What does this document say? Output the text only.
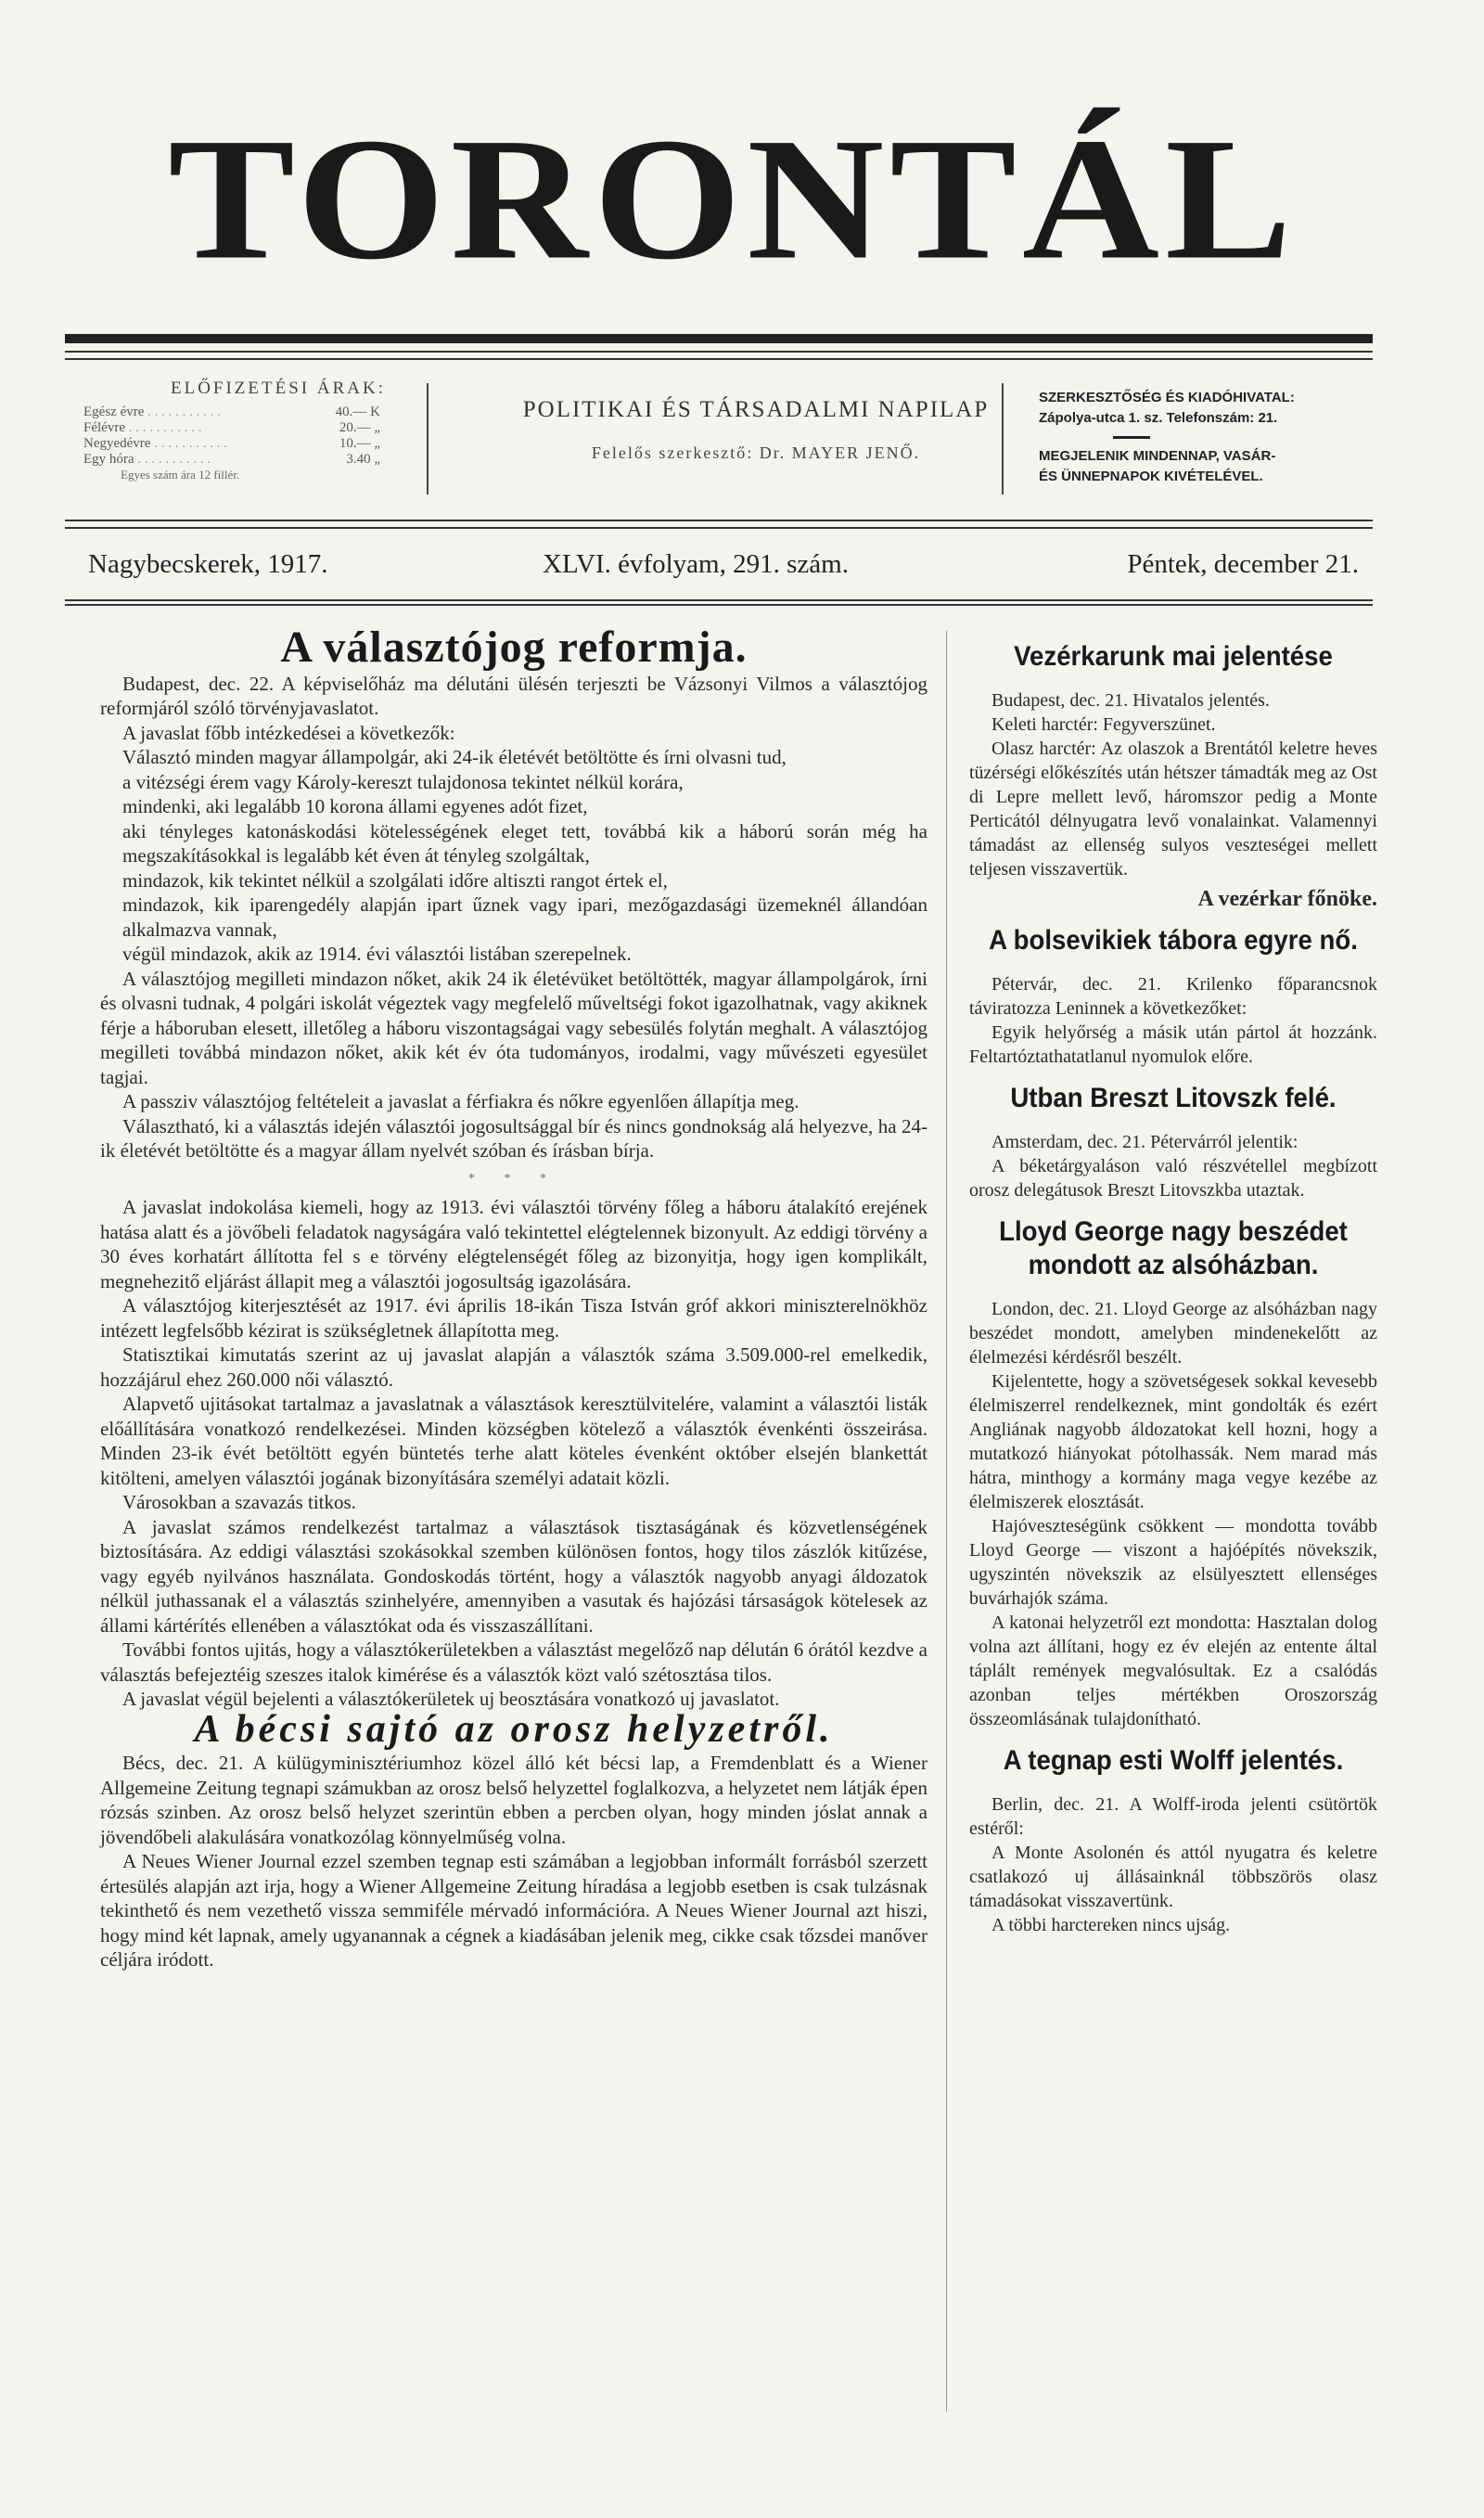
TORONTÁL
ELŐFIZETÉSI ÁRAK:
Egész évre . . .	40.— K
Félévre . . .	20.— „
Negyedévre . . .	10.— „
Egy hóra . . .	3.40 „
Egyes szám ára 12 fillér.
POLITIKAI ÉS TÁRSADALMI NAPILAP
Felelős szerkesztő: Dr. MAYER JENŐ.
SZERKESZTŐSÉG ÉS KIADÓHIVATAL:
Zápolya-utca 1. sz. Telefonszám: 21.
MEGJELENIK MINDENNAP, VASÁR-
ÉS ÜNNEPNAPOK KIVÉTELÉVEL.
Nagybecskerek, 1917.	XLVI. évfolyam, 291. szám.	Péntek, december 21.
A választójog reformja.

Budapest, dec. 22. A képviselőház ma délutáni ülésén terjeszti be Vázsonyi Vilmos a választójog reformjáról szóló törvényjavaslatot.

A javaslat főbb intézkedései a következők:

Választó minden magyar állampolgár, aki 24-ik életévét betöltötte és írni olvasni tud,

a vitézségi érem vagy Károly-kereszt tulajdonosa tekintet nélkül korára,

mindenki, aki legalább 10 korona állami egyenes adót fizet,

aki tényleges katonáskodási kötelességének eleget tett, továbbá kik a háború során még ha megszakításokkal is legalább két éven át tényleg szolgáltak,

mindazok, kik tekintet nélkül a szolgálati időre altiszti rangot értek el,

mindazok, kik iparengedély alapján ipart űznek vagy ipari, mezőgazdasági üzemeknél állandóan alkalmazva vannak,

végül mindazok, akik az 1914. évi választói listában szerepelnek.

A választójog megilleti mindazon nőket, akik 24 ik életévüket betöltötték, magyar állampolgárok, írni és olvasni tudnak, 4 polgári iskolát végeztek vagy megfelelő műveltségi fokot igazolhatnak, vagy akiknek férje a háboruban elesett, illetőleg a háboru viszontagságai vagy sebesülés folytán meghalt. A választójog megilleti továbbá mindazon nőket, akik két év óta tudományos, irodalmi, vagy művészeti egyesület tagjai.

A passziv választójog feltételeit a javaslat a férfiakra és nőkre egyenlően állapítja meg.

Választható, ki a választás idején választói jogosultsággal bír és nincs gondnokság alá helyezve, ha 24-ik életévét betöltötte és a magyar állam nyelvét szóban és írásban bírja.

* * *

A javaslat indokolása kiemeli, hogy az 1913. évi választói törvény főleg a háboru átalakító erejének hatása alatt és a jövőbeli feladatok nagyságára való tekintettel elégtelennek bizonyult. Az eddigi törvény a 30 éves korhatárt állította fel s e törvény elégtelenségét főleg az bizonyitja, hogy igen komplikált, megnehezitő eljárást állapit meg a választói jogosultság igazolására.

A választójog kiterjesztését az 1917. évi április 18-ikán Tisza István gróf akkori miniszterelnökhöz intézett legfelsőbb kézirat is szükségletnek állapította meg.

Statisztikai kimutatás szerint az uj javaslat alapján a választók száma 3.509.000-rel emelkedik, hozzájárul ehez 260.000 női választó.

Alapvető ujitásokat tartalmaz a javaslatnak a választások keresztülvitelére, valamint a választói listák előállítására vonatkozó rendelkezései. Minden községben kötelező a választók évenkénti összeirása. Minden 23-ik évét betöltött egyén büntetés terhe alatt köteles évenként október elsején blankettát kitölteni, amelyen választói jogának bizonyítására személyi adatait közli.

Városokban a szavazás titkos.

A javaslat számos rendelkezést tartalmaz a választások tisztaságának és közvetlenségének biztosítására. Az eddigi választási szokásokkal szemben különösen fontos, hogy tilos zászlók kitűzése, vagy egyéb nyilvános használata. Gondoskodás történt, hogy a választók nagyobb anyagi áldozatok nélkül juthassanak el a választás szinhelyére, amennyiben a vasutak és hajózási társaságok kötelesek az állami kártérítés ellenében a választókat oda és visszaszállítani.

További fontos ujitás, hogy a választókerületekben a választást megelőző nap délután 6 órától kezdve a választás befejeztéig szeszes italok kimérése és a választók közt való szétosztása tilos.

A javaslat végül bejelenti a választókerületek uj beosztására vonatkozó uj javaslatot.

A bécsi sajtó az orosz helyzetről.

Bécs, dec. 21. A külügyminisztériumhoz közel álló két bécsi lap, a Fremdenblatt és a Wiener Allgemeine Zeitung tegnapi számukban az orosz belső helyzettel foglalkozva, a helyzetet nem látják épen rózsás szinben. Az orosz belső helyzet szerintün ebben a percben olyan, hogy minden jóslat annak a jövendőbeli alakulására vonatkozólag könnyelműség volna.

A Neues Wiener Journal ezzel szemben tegnap esti számában a legjobban informált forrásból szerzett értesülés alapján azt irja, hogy a Wiener Allgemeine Zeitung híradása a legjobb esetben is csak tulzásnak tekinthető és nem vezethető vissza semmiféle mérvadó információra. A Neues Wiener Journal azt hiszi, hogy mind két lapnak, amely ugyanannak a cégnek a kiadásában jelenik meg, cikke csak tőzsdei manőver céljára iródott.

Vezérkarunk mai jelentése

Budapest, dec. 21. Hivatalos jelentés.

Keleti harctér: Fegyverszünet.

Olasz harctér: Az olaszok a Brentától keletre heves tüzérségi előkészítés után hétszer támadták meg az Ost di Lepre mellett levő, háromszor pedig a Monte Perticától délnyugatra levő vonalainkat. Valamennyi támadást az ellenség sulyos veszteségei mellett teljesen visszavertük.

A vezérkar főnöke.
A bolsevikiek tábora egyre nő.

Pétervár, dec. 21. Krilenko főparancsnok táviratozza Leninnek a következőket:

Egyik helyőrség a másik után pártol át hozzánk. Feltartóztathatatlanul nyomulok előre.

Utban Breszt Litovszk felé.

Amsterdam, dec. 21. Pétervárról jelentik:

A béketárgyaláson való részvétellel megbízott orosz delegátusok Breszt Litovszkba utaztak.

Lloyd George nagy beszédet mondott az alsóházban.

London, dec. 21. Lloyd George az alsóházban nagy beszédet mondott, amelyben mindenekelőtt az élelmezési kérdésről beszélt.

Kijelentette, hogy a szövetségesek sokkal kevesebb élelmiszerrel rendelkeznek, mint gondolták és ezért Angliának nagyobb áldozatokat kell hozni, hogy a mutatkozó hiányokat pótolhassák. Nem marad más hátra, minthogy a kormány maga vegye kezébe az élelmiszerek elosztását.

Hajóveszteségünk csökkent — mondotta tovább Lloyd George — viszont a hajóépítés növekszik, ugyszintén növekszik az elsülyesztett ellenséges buvárhajók száma.

A katonai helyzetről ezt mondotta: Hasztalan dolog volna azt állítani, hogy ez év elején az entente által táplált remények megvalósultak. Ez a csalódás azonban teljes mértékben Oroszország összeomlásának tulajdonítható.

A tegnap esti Wolff jelentés.

Berlin, dec. 21. A Wolff-iroda jelenti csütörtök estéről:

A Monte Asolonén és attól nyugatra és keletre csatlakozó uj állásainknál többszörös olasz támadásokat visszavertünk.

A többi harctereken nincs ujság.
